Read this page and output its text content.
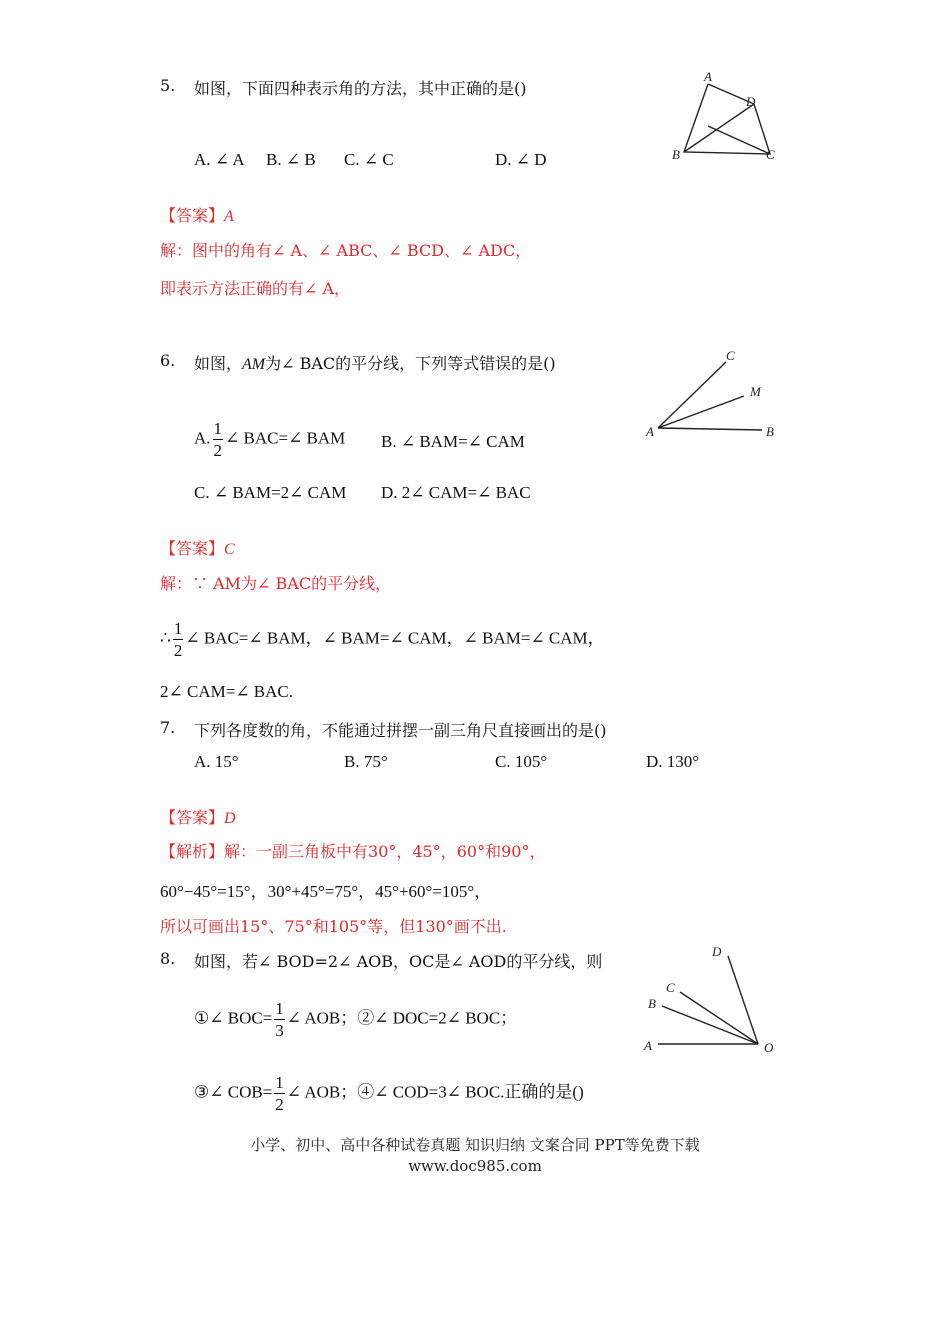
5. 如图，下面四种表示角的方法，其中正确的是()
A. ∠ A B. ∠ B C. ∠ C	D. ∠ D
A
D
B	C
【答案】A
解：图中的角有∠ A、∠ ABC、∠ BCD、∠ ADC，
即表示方法正确的有∠ A，
6. 如图，AM为∠ BAC的平分线，下列等式错误的是()
A. $\frac{1}{2}$ ∠ BAC=∠ BAM B. ∠ BAM=∠ CAM
C. ∠ BAM=2∠ CAM D. 2∠ CAM=∠ BAC
C
M
A	B
【答案】C
解：∵ AM为∠ BAC的平分线，
∴ $\frac{1}{2}$ ∠ BAC=∠ BAM，∠ BAM=∠ CAM，∠ BAM=∠ CAM，
2∠ CAM=∠ BAC.
7. 下列各度数的角，不能通过拼摆一副三角尺直接画出的是()
A. 15°	B. 75°	C. 105°	D. 130°
【答案】D
【解析】解：一副三角板中有30°，45°，60°和90°，
60°−45°=15°，30°+45°=75°，45°+60°=105°，
所以可画出15°、75°和105°等，但130°画不出.
8. 如图，若∠ BOD=2∠ AOB，OC是∠ AOD的平分线，则
①∠ $BOC= \frac{1}{3}$ ∠ AOB；②∠ DOC=2∠ BOC；
③∠ $COB= \frac{1}{2}$ ∠ AOB；④∠ COD=3∠ BOC.正确的是()
D
C
B
A	O
小学、初中、高中各种试卷真题 知识归纳 文案合同 PPT等免费下载
www.doc985.com
